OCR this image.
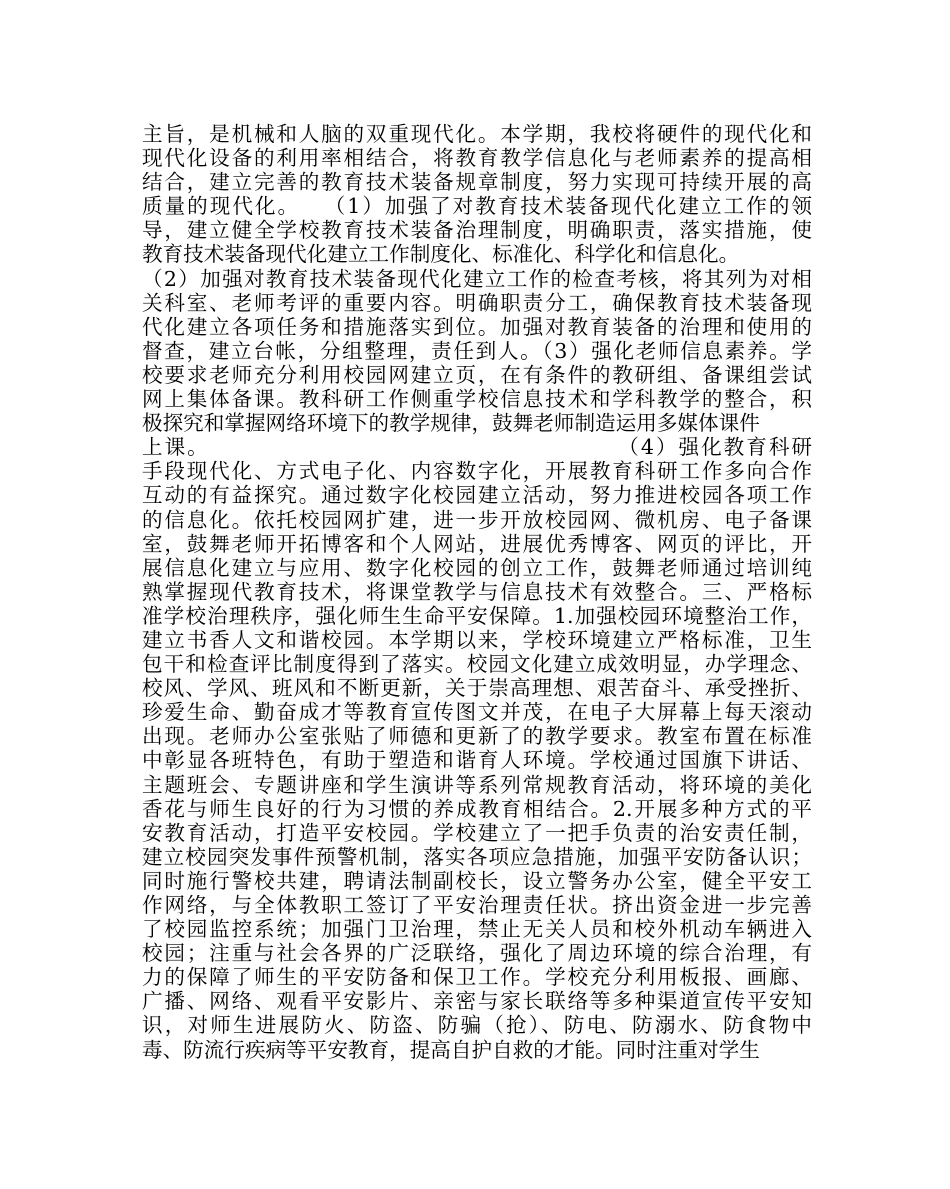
主旨，是机械和人脑的双重现代化。本学期，我校将硬件的现代化和
现代化设备的利用率相结合，将教育教学信息化与老师素养的提高相
结合，建立完善的教育技术装备规章制度，努力实现可持续开展的高
质量的现代化。　　（1）加强了对教育技术装备现代化建立工作的领
导，建立健全学校教育技术装备治理制度，明确职责，落实措施，使
教育技术装备现代化建立工作制度化、标准化、科学化和信息化。
（2）加强对教育技术装备现代化建立工作的检查考核，将其列为对相
关科室、老师考评的重要内容。明确职责分工，确保教育技术装备现
代化建立各项任务和措施落实到位。加强对教育装备的治理和使用的
督查，建立台帐，分组整理，责任到人。（3）强化老师信息素养。学
校要求老师充分利用校园网建立页，在有条件的教研组、备课组尝试
网上集体备课。教科研工作侧重学校信息技术和学科教学的整合，积
极探究和掌握网络环境下的教学规律，鼓舞老师制造运用多媒体课件
上课。　　　　　　　　　　　　　　　　　　　（4）强化教育科研
手段现代化、方式电子化、内容数字化，开展教育科研工作多向合作
互动的有益探究。通过数字化校园建立活动，努力推进校园各项工作
的信息化。依托校园网扩建，进一步开放校园网、微机房、电子备课
室，鼓舞老师开拓博客和个人网站，进展优秀博客、网页的评比，开
展信息化建立与应用、数字化校园的创立工作，鼓舞老师通过培训纯
熟掌握现代教育技术，将课堂教学与信息技术有效整合。三、严格标
准学校治理秩序，强化师生生命平安保障。1.加强校园环境整治工作，
建立书香人文和谐校园。本学期以来，学校环境建立严格标准，卫生
包干和检查评比制度得到了落实。校园文化建立成效明显，办学理念、
校风、学风、班风和不断更新，关于崇高理想、艰苦奋斗、承受挫折、
珍爱生命、勤奋成才等教育宣传图文并茂，在电子大屏幕上每天滚动
出现。老师办公室张贴了师德和更新了的教学要求。教室布置在标准
中彰显各班特色，有助于塑造和谐育人环境。学校通过国旗下讲话、
主题班会、专题讲座和学生演讲等系列常规教育活动，将环境的美化
香花与师生良好的行为习惯的养成教育相结合。2.开展多种方式的平
安教育活动，打造平安校园。学校建立了一把手负责的治安责任制，
建立校园突发事件预警机制，落实各项应急措施，加强平安防备认识；
同时施行警校共建，聘请法制副校长，设立警务办公室，健全平安工
作网络，与全体教职工签订了平安治理责任状。挤出资金进一步完善
了校园监控系统；加强门卫治理，禁止无关人员和校外机动车辆进入
校园；注重与社会各界的广泛联络，强化了周边环境的综合治理，有
力的保障了师生的平安防备和保卫工作。学校充分利用板报、画廊、
广播、网络、观看平安影片、亲密与家长联络等多种渠道宣传平安知
识，对师生进展防火、防盗、防骗（抢）、防电、防溺水、防食物中
毒、防流行疾病等平安教育，提高自护自救的才能。同时注重对学生
